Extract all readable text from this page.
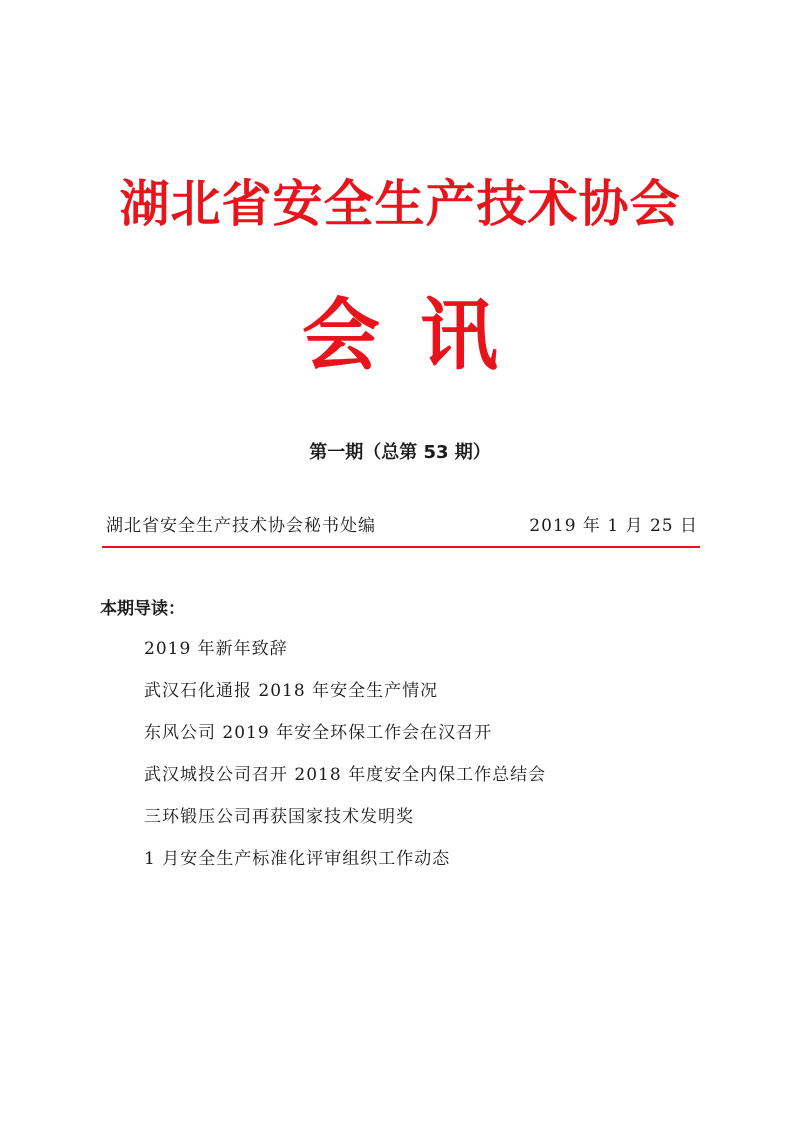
湖北省安全生产技术协会
会讯
第一期（总第 53 期）
湖北省安全生产技术协会秘书处编	2019 年 1 月 25 日
本期导读：
2019 年新年致辞
武汉石化通报 2018 年安全生产情况
东风公司 2019 年安全环保工作会在汉召开
武汉城投公司召开 2018 年度安全内保工作总结会
三环锻压公司再获国家技术发明奖
1 月安全生产标准化评审组织工作动态
